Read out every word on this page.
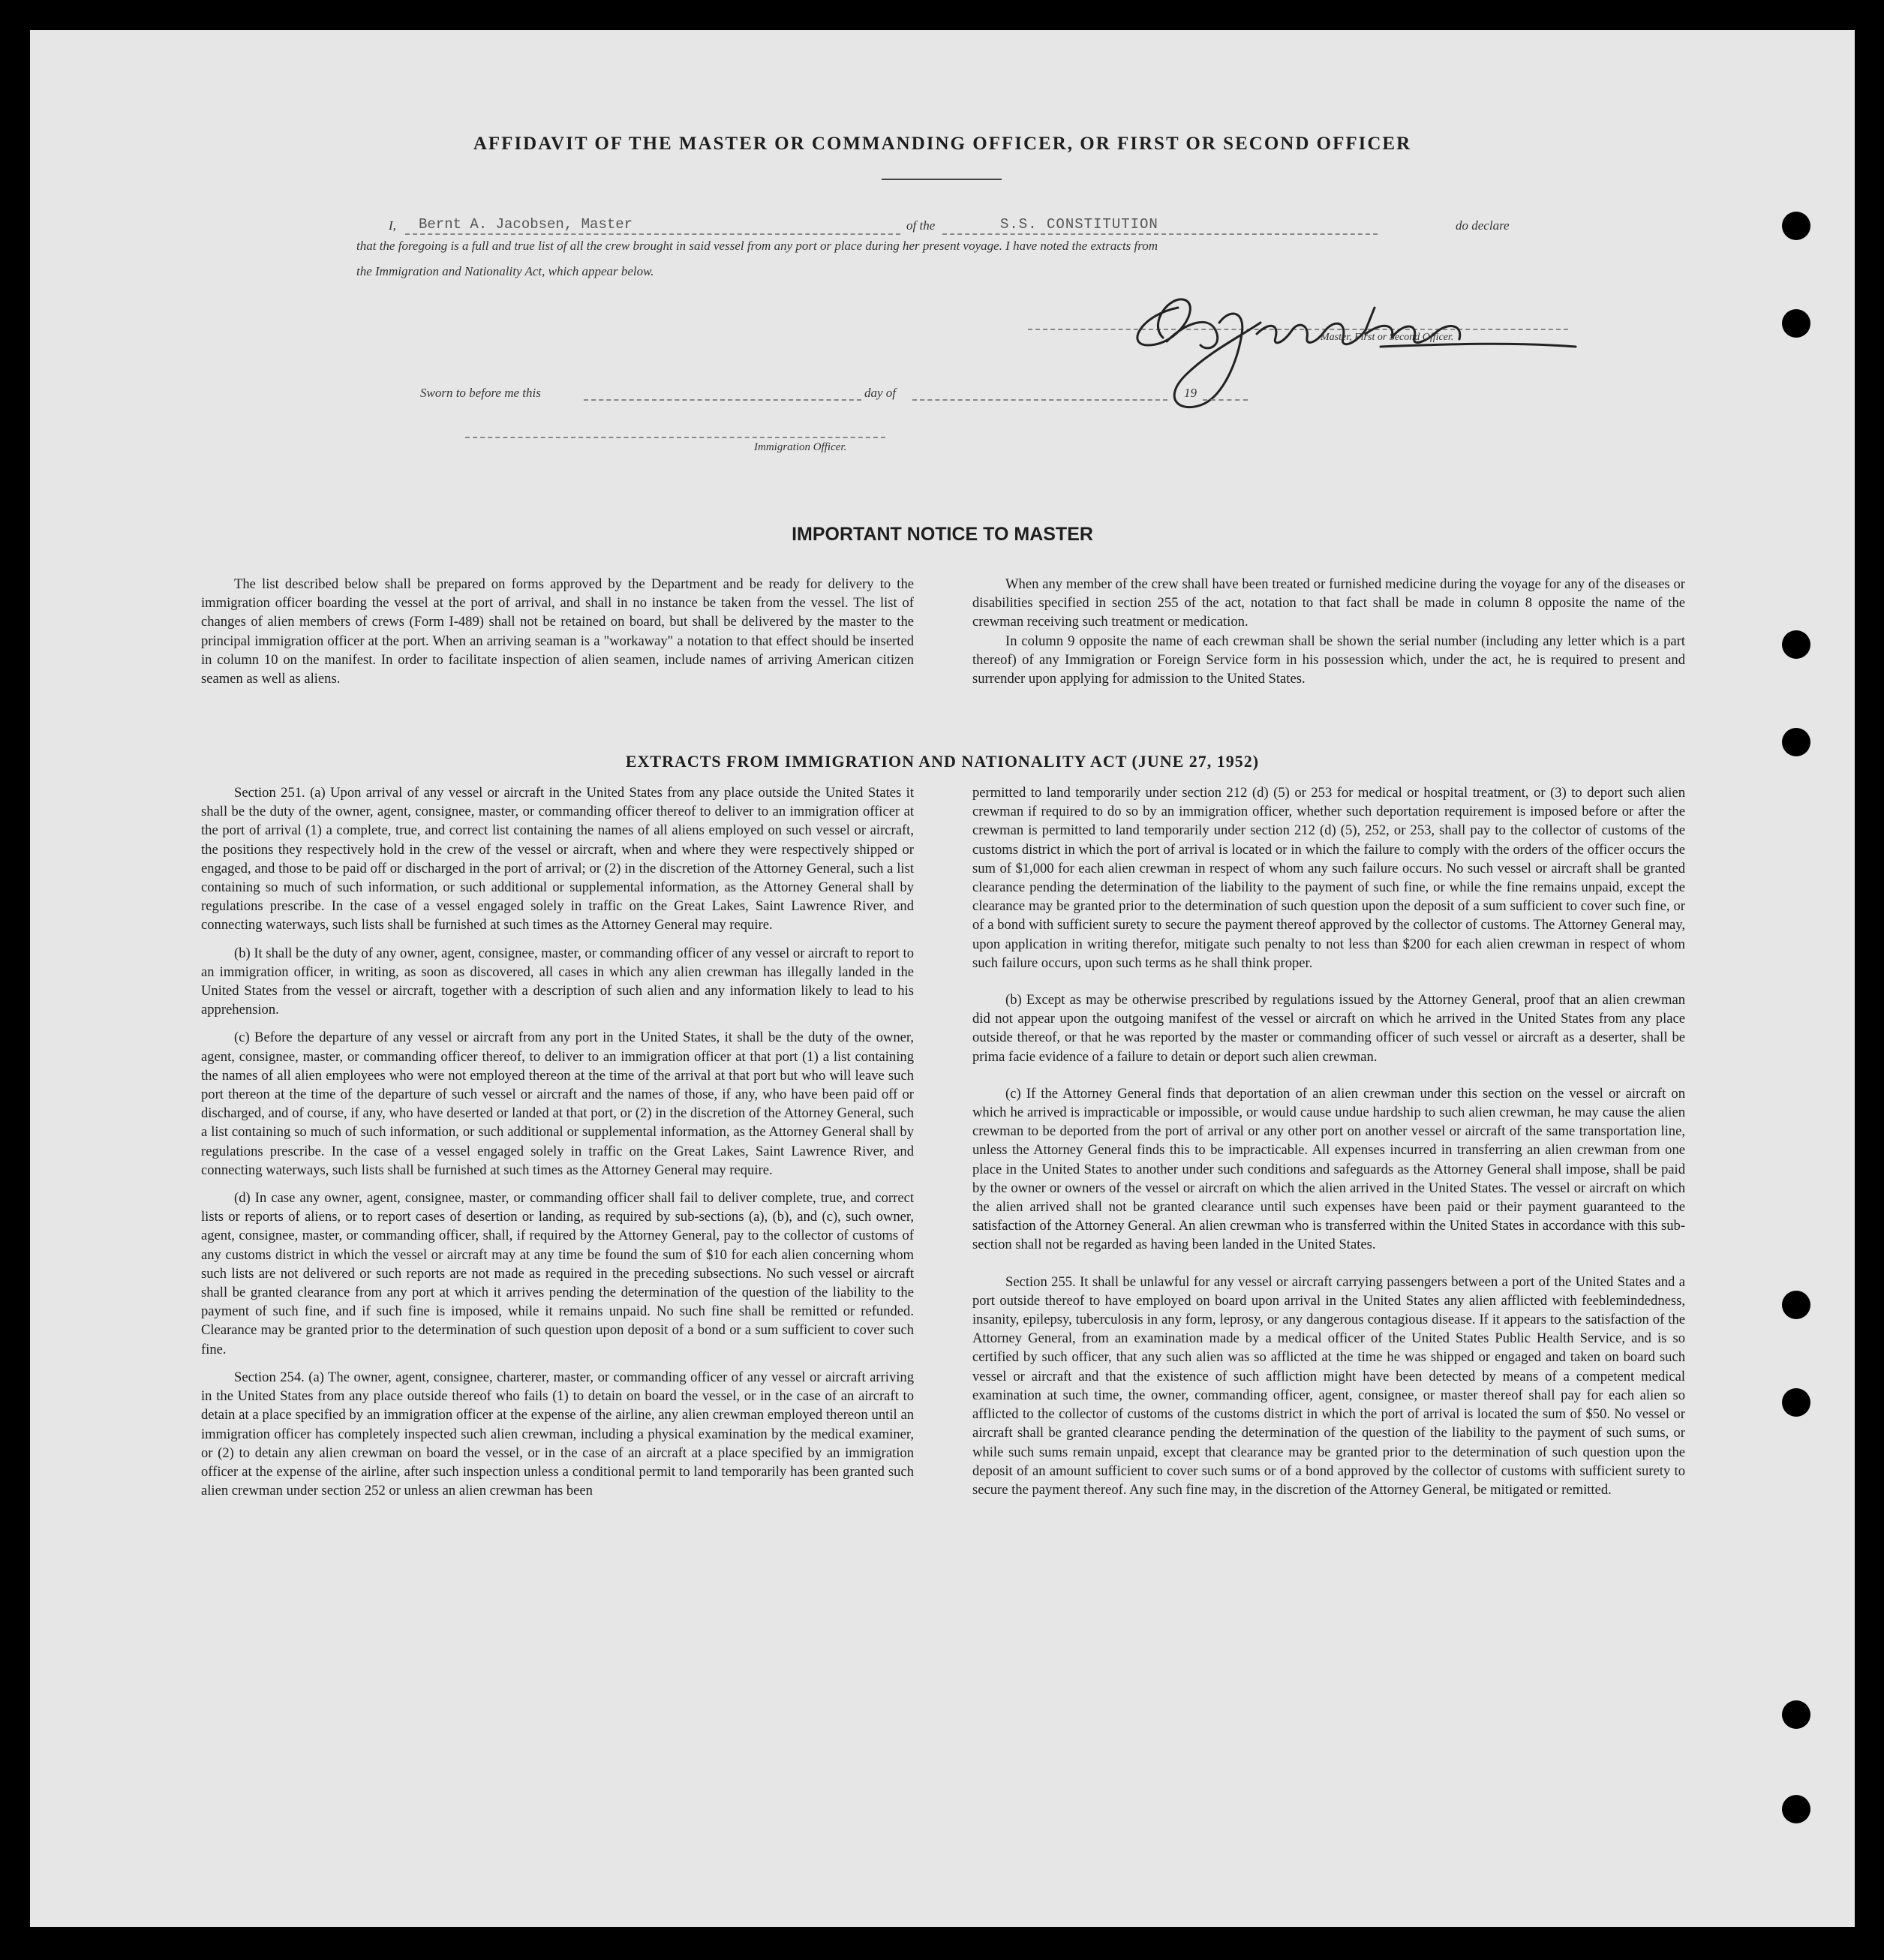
AFFIDAVIT OF THE MASTER OR COMMANDING OFFICER, OR FIRST OR SECOND OFFICER
I, Bernt A. Jacobsen, Master	of the	S.S. CONSTITUTION	do declare
that the foregoing is a full and true list of all the crew brought in said vessel from any port or place during her present voyage. I have noted the extracts from
the Immigration and Nationality Act, which appear below.
Master, First or Second Officer.
Sworn to before me this	day of	19
Immigration Officer.
IMPORTANT NOTICE TO MASTER

The list described below shall be prepared on forms approved by the Department and be ready for delivery to the immigration officer boarding the vessel at the port of arrival, and shall in no instance be taken from the vessel. The list of changes of alien members of crews (Form I-489) shall not be retained on board, but shall be delivered by the master to the principal immigration officer at the port. When an arriving seaman is a "workaway" a notation to that effect should be inserted in column 10 on the manifest. In order to facilitate inspection of alien seamen, include names of arriving American citizen seamen as well as aliens.

When any member of the crew shall have been treated or furnished medicine during the voyage for any of the diseases or disabilities specified in section 255 of the act, notation to that fact shall be made in column 8 opposite the name of the crewman receiving such treatment or medication.

In column 9 opposite the name of each crewman shall be shown the serial number (including any letter which is a part thereof) of any Immigration or Foreign Service form in his possession which, under the act, he is required to present and surrender upon applying for admission to the United States.

EXTRACTS FROM IMMIGRATION AND NATIONALITY ACT (JUNE 27, 1952)

Section 251. (a) Upon arrival of any vessel or aircraft in the United States from any place outside the United States it shall be the duty of the owner, agent, consignee, master, or commanding officer thereof to deliver to an immigration officer at the port of arrival (1) a complete, true, and correct list containing the names of all aliens employed on such vessel or aircraft, the positions they respectively hold in the crew of the vessel or aircraft, when and where they were respectively shipped or engaged, and those to be paid off or discharged in the port of arrival; or (2) in the discretion of the Attorney General, such a list containing so much of such information, or such additional or supplemental information, as the Attorney General shall by regulations prescribe. In the case of a vessel engaged solely in traffic on the Great Lakes, Saint Lawrence River, and connecting waterways, such lists shall be furnished at such times as the Attorney General may require.

(b) It shall be the duty of any owner, agent, consignee, master, or commanding officer of any vessel or aircraft to report to an immigration officer, in writing, as soon as discovered, all cases in which any alien crewman has illegally landed in the United States from the vessel or aircraft, together with a description of such alien and any information likely to lead to his apprehension.

(c) Before the departure of any vessel or aircraft from any port in the United States, it shall be the duty of the owner, agent, consignee, master, or commanding officer thereof, to deliver to an immigration officer at that port (1) a list containing the names of all alien employees who were not employed thereon at the time of the arrival at that port but who will leave such port thereon at the time of the departure of such vessel or aircraft and the names of those, if any, who have been paid off or discharged, and of course, if any, who have deserted or landed at that port, or (2) in the discretion of the Attorney General, such a list containing so much of such information, or such additional or supplemental information, as the Attorney General shall by regulations prescribe. In the case of a vessel engaged solely in traffic on the Great Lakes, Saint Lawrence River, and connecting waterways, such lists shall be furnished at such times as the Attorney General may require.

(d) In case any owner, agent, consignee, master, or commanding officer shall fail to deliver complete, true, and correct lists or reports of aliens, or to report cases of desertion or landing, as required by sub-sections (a), (b), and (c), such owner, agent, consignee, master, or commanding officer, shall, if required by the Attorney General, pay to the collector of customs of any customs district in which the vessel or aircraft may at any time be found the sum of $10 for each alien concerning whom such lists are not delivered or such reports are not made as required in the preceding subsections. No such vessel or aircraft shall be granted clearance from any port at which it arrives pending the determination of the question of the liability to the payment of such fine, and if such fine is imposed, while it remains unpaid. No such fine shall be remitted or refunded. Clearance may be granted prior to the determination of such question upon deposit of a bond or a sum sufficient to cover such fine.

Section 254. (a) The owner, agent, consignee, charterer, master, or commanding officer of any vessel or aircraft arriving in the United States from any place outside thereof who fails (1) to detain on board the vessel, or in the case of an aircraft to detain at a place specified by an immigration officer at the expense of the airline, any alien crewman employed thereon until an immigration officer has completely inspected such alien crewman, including a physical examination by the medical examiner, or (2) to detain any alien crewman on board the vessel, or in the case of an aircraft at a place specified by an immigration officer at the expense of the airline, after such inspection unless a conditional permit to land temporarily has been granted such alien crewman under section 252 or unless an alien crewman has been

permitted to land temporarily under section 212 (d) (5) or 253 for medical or hospital treatment, or (3) to deport such alien crewman if required to do so by an immigration officer, whether such deportation requirement is imposed before or after the crewman is permitted to land temporarily under section 212 (d) (5), 252, or 253, shall pay to the collector of customs of the customs district in which the port of arrival is located or in which the failure to comply with the orders of the officer occurs the sum of $1,000 for each alien crewman in respect of whom any such failure occurs. No such vessel or aircraft shall be granted clearance pending the determination of the liability to the payment of such fine, or while the fine remains unpaid, except the clearance may be granted prior to the determination of such question upon the deposit of a sum sufficient to cover such fine, or of a bond with sufficient surety to secure the payment thereof approved by the collector of customs. The Attorney General may, upon application in writing therefor, mitigate such penalty to not less than $200 for each alien crewman in respect of whom such failure occurs, upon such terms as he shall think proper.

(b) Except as may be otherwise prescribed by regulations issued by the Attorney General, proof that an alien crewman did not appear upon the outgoing manifest of the vessel or aircraft on which he arrived in the United States from any place outside thereof, or that he was reported by the master or commanding officer of such vessel or aircraft as a deserter, shall be prima facie evidence of a failure to detain or deport such alien crewman.

(c) If the Attorney General finds that deportation of an alien crewman under this section on the vessel or aircraft on which he arrived is impracticable or impossible, or would cause undue hardship to such alien crewman, he may cause the alien crewman to be deported from the port of arrival or any other port on another vessel or aircraft of the same transportation line, unless the Attorney General finds this to be impracticable. All expenses incurred in transferring an alien crewman from one place in the United States to another under such conditions and safeguards as the Attorney General shall impose, shall be paid by the owner or owners of the vessel or aircraft on which the alien arrived in the United States. The vessel or aircraft on which the alien arrived shall not be granted clearance until such expenses have been paid or their payment guaranteed to the satisfaction of the Attorney General. An alien crewman who is transferred within the United States in accordance with this sub-section shall not be regarded as having been landed in the United States.

Section 255. It shall be unlawful for any vessel or aircraft carrying passengers between a port of the United States and a port outside thereof to have employed on board upon arrival in the United States any alien afflicted with feeblemindedness, insanity, epilepsy, tuberculosis in any form, leprosy, or any dangerous contagious disease. If it appears to the satisfaction of the Attorney General, from an examination made by a medical officer of the United States Public Health Service, and is so certified by such officer, that any such alien was so afflicted at the time he was shipped or engaged and taken on board such vessel or aircraft and that the existence of such affliction might have been detected by means of a competent medical examination at such time, the owner, commanding officer, agent, consignee, or master thereof shall pay for each alien so afflicted to the collector of customs of the customs district in which the port of arrival is located the sum of $50. No vessel or aircraft shall be granted clearance pending the determination of the question of the liability to the payment of such sums, or while such sums remain unpaid, except that clearance may be granted prior to the determination of such question upon the deposit of an amount sufficient to cover such sums or of a bond approved by the collector of customs with sufficient surety to secure the payment thereof. Any such fine may, in the discretion of the Attorney General, be mitigated or remitted.
